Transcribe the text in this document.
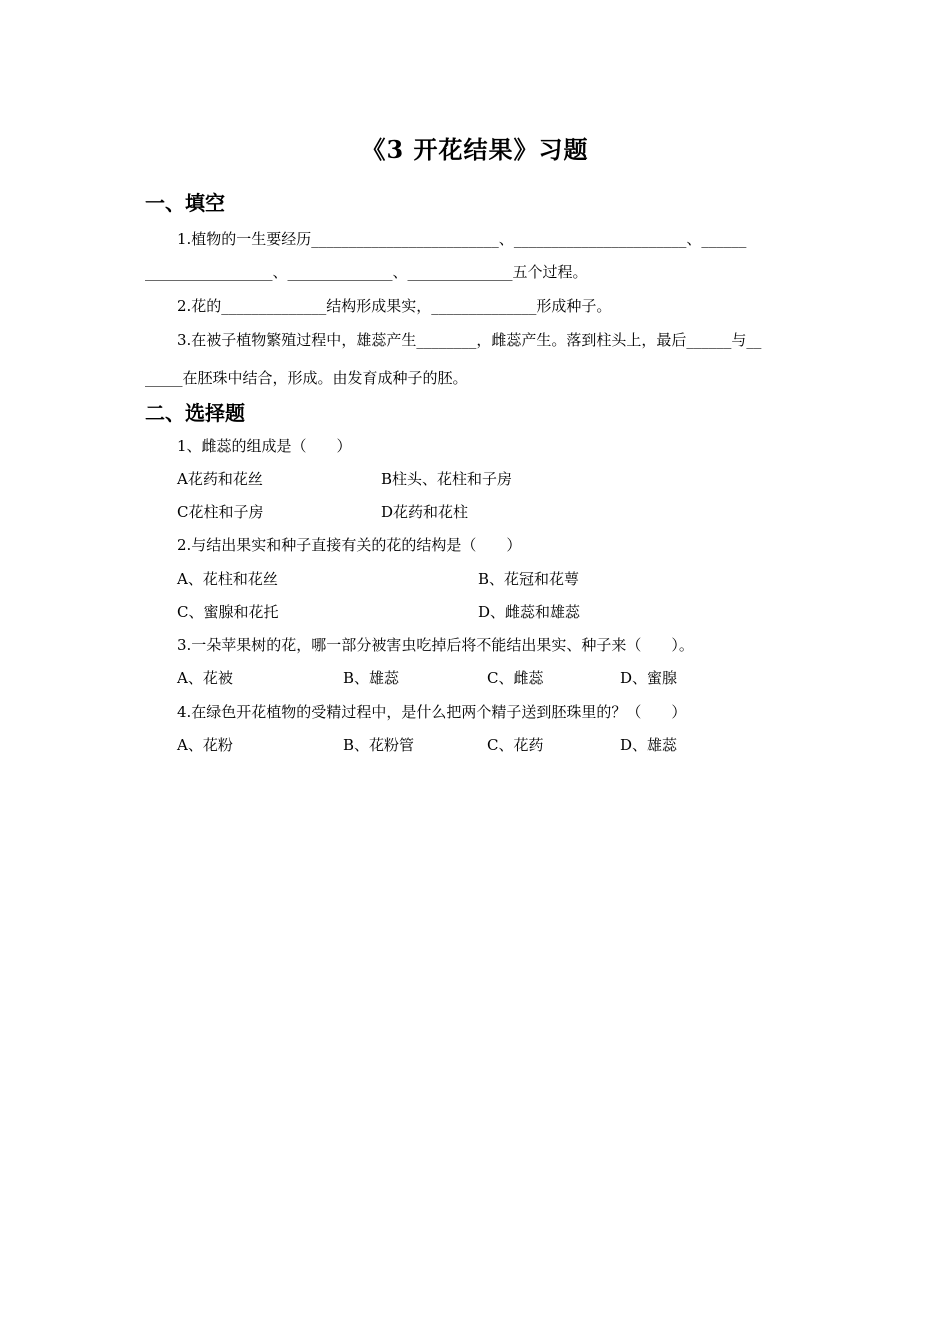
《3 开花结果》习题
一、填空
1.植物的一生要经历_________________________、_______________________、______
_________________、______________、______________五个过程。
2.花的______________结构形成果实，______________形成种子。
3.在被子植物繁殖过程中，雄蕊产生________，雌蕊产生。落到柱头上，最后______与__
_____在胚珠中结合，形成。由发育成种子的胚。
二、选择题
1、雌蕊的组成是（　　）
A花药和花丝	B柱头、花柱和子房
C花柱和子房	D花药和花柱
2.与结出果实和种子直接有关的花的结构是（　　）
A、花柱和花丝	B、花冠和花萼
C、蜜腺和花托	D、雌蕊和雄蕊
3.一朵苹果树的花，哪一部分被害虫吃掉后将不能结出果实、种子来（　　）。
A、花被	B、雄蕊	C、雌蕊	D、蜜腺
4.在绿色开花植物的受精过程中，是什么把两个精子送到胚珠里的？（　　）
A、花粉	B、花粉管	C、花药	D、雄蕊
